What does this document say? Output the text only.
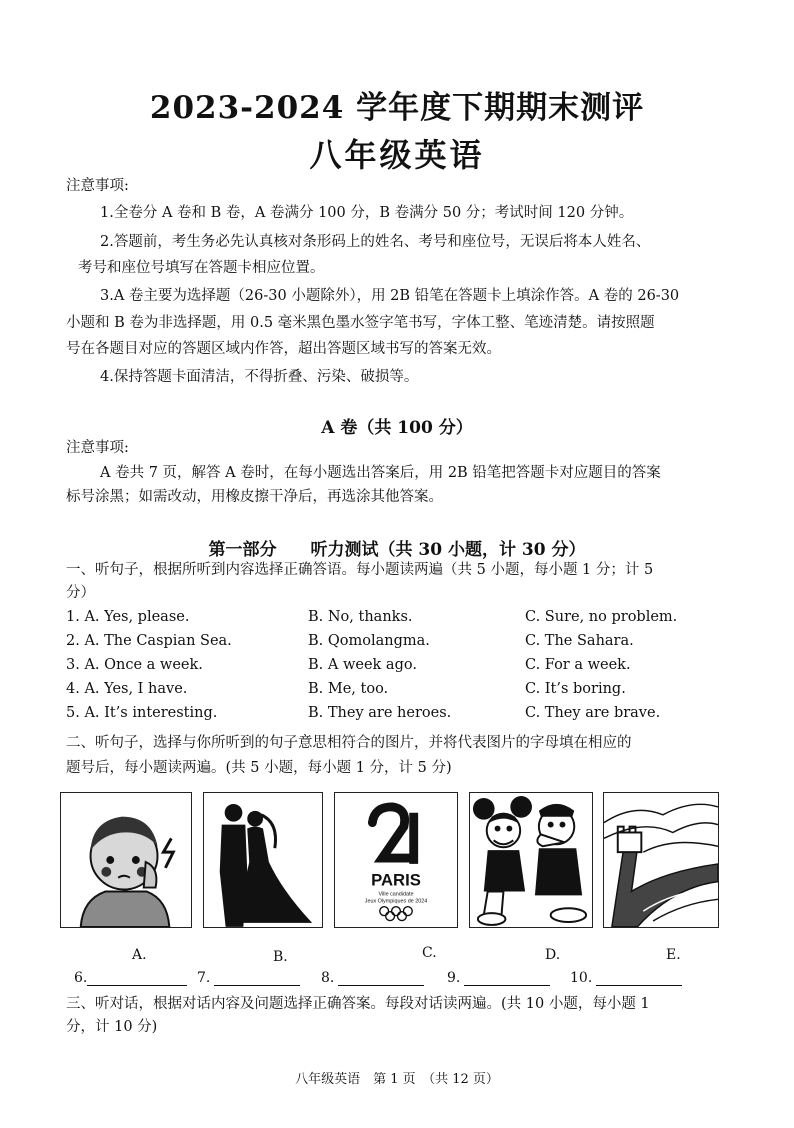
2023-2024 学年度下期期末测评
八年级英语
注意事项:
1.全卷分 A 卷和 B 卷，A 卷满分 100 分，B 卷满分 50 分；考试时间 120 分钟。
2.答题前，考生务必先认真核对条形码上的姓名、考号和座位号，无误后将本人姓名、
考号和座位号填写在答题卡相应位置。
3.A 卷主要为选择题（26-30 小题除外），用 2B 铅笔在答题卡上填涂作答。A 卷的 26-30
小题和 B 卷为非选择题，用 0.5 毫米黑色墨水签字笔书写，字体工整、笔迹清楚。请按照题
号在各题目对应的答题区域内作答，超出答题区域书写的答案无效。
4.保持答题卡面清洁，不得折叠、污染、破损等。
A 卷（共 100 分）
注意事项:
A 卷共 7 页，解答 A 卷时，在每小题选出答案后，用 2B 铅笔把答题卡对应题目的答案
标号涂黑；如需改动，用橡皮擦干净后，再选涂其他答案。
第一部分　　听力测试（共 30 小题，计 30 分）
一、听句子，根据所听到内容选择正确答语。每小题读两遍（共 5 小题，每小题 1 分；计 5
分）
1. A. Yes, please.	B. No, thanks.	C. Sure, no problem.
2. A. The Caspian Sea.	B. Qomolangma.	C. The Sahara.
3. A. Once a week.	B. A week ago.	C. For a week.
4. A. Yes, I have.	B. Me, too.	C. It’s boring.
5. A. It’s interesting.	B. They are heroes.	C. They are brave.
二、听句子，选择与你所听到的句子意思相符合的图片，并将代表图片的字母填在相应的
题号后，每小题读两遍。(共 5 小题，每小题 1 分，计 5 分)
PARIS
Ville candidate
Jeux Olympiques de 2024
A.	B.	C.	D.	E.
6.	7.	8.	9.	10.
三、听对话，根据对话内容及问题选择正确答案。每段对话读两遍。(共 10 小题，每小题 1
分，计 10 分)
八年级英语　第 1 页　（共 12 页）
